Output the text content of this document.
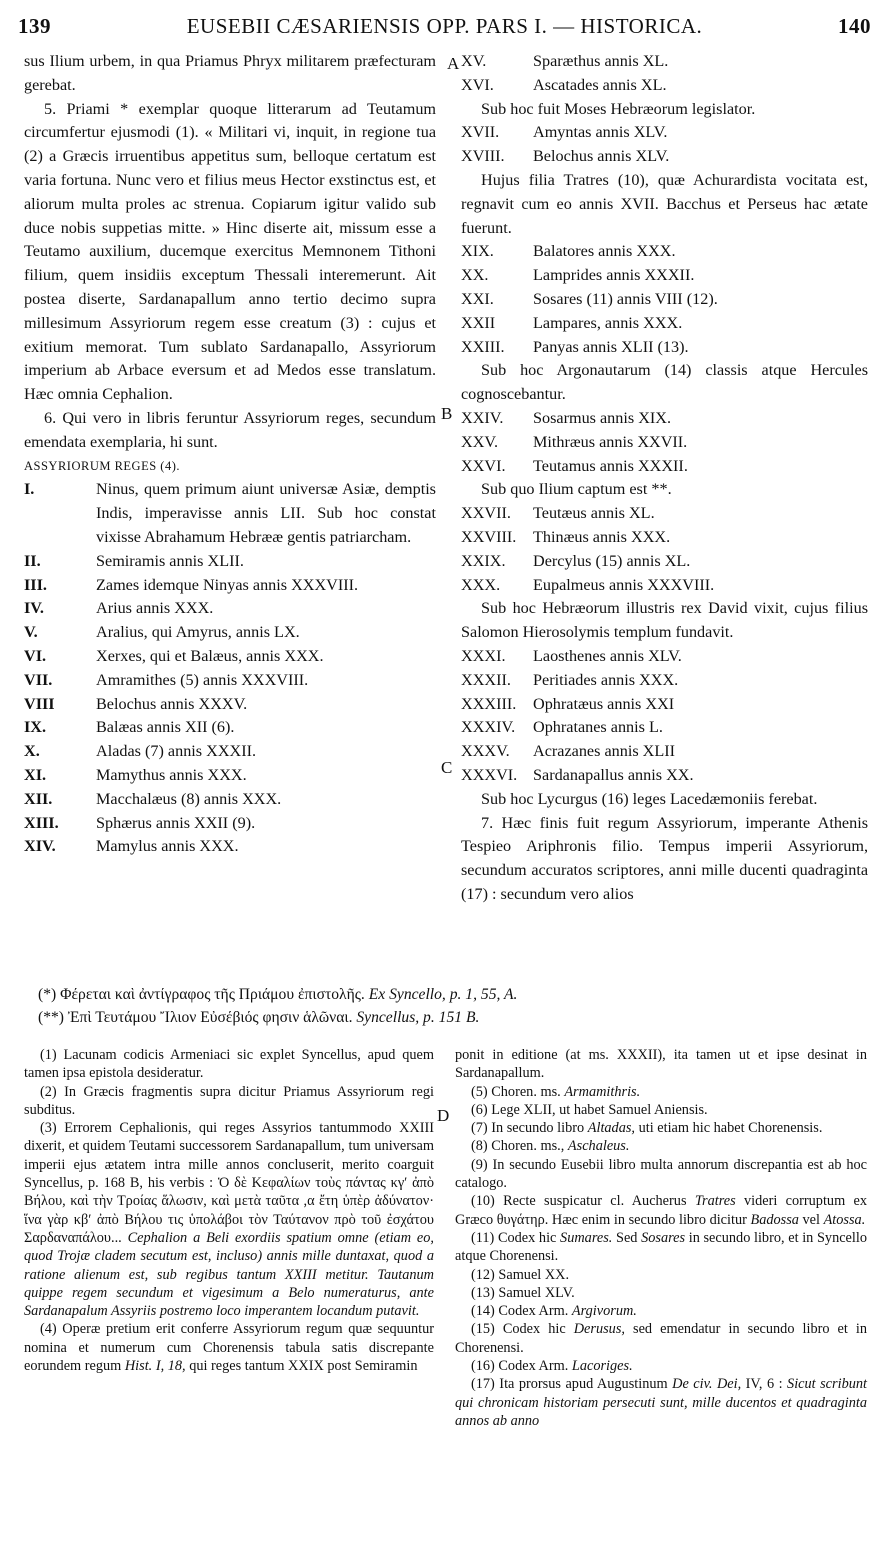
139	EUSEBII CÆSARIENSIS OPP. PARS I. — HISTORICA.	140
A
B
C
D

sus Ilium urbem, in qua Priamus Phryx militarem præfecturam gerebat.

5. Priami * exemplar quoque litterarum ad Teutamum circumfertur ejusmodi (1). « Militari vi, inquit, in regione tua (2) a Græcis irruentibus appetitus sum, belloque certatum est varia fortuna. Nunc vero et filius meus Hector exstinctus est, et aliorum multa proles ac strenua. Copiarum igitur valido sub duce nobis suppetias mitte. » Hinc diserte ait, missum esse a Teutamo auxilium, ducemque exercitus Memnonem Tithoni filium, quem insidiis exceptum Thessali interemerunt. Ait postea diserte, Sardanapallum anno tertio decimo supra millesimum Assyriorum regem esse creatum (3) : cujus et exitium memorat. Tum sublato Sardanapallo, Assyriorum imperium ab Arbace eversum et ad Medos esse translatum. Hæc omnia Cephalion.

6. Qui vero in libris feruntur Assyriorum reges, secundum emendata exemplaria, hi sunt.

ASSYRIORUM REGES (4).

I.	Ninus, quem primum aiunt universæ Asiæ, demptis Indis, imperavisse annis LII. Sub hoc constat vixisse Abrahamum Hebrææ gentis patriarcham.
II.	Semiramis annis XLII.
III.	Zames idemque Ninyas annis XXXVIII.
IV.	Arius annis XXX.
V.	Aralius, qui Amyrus, annis LX.
VI.	Xerxes, qui et Balæus, annis XXX.
VII.	Amramithes (5) annis XXXVIII.
VIII	Belochus annis XXXV.
IX.	Balæas annis XII (6).
X.	Aladas (7) annis XXXII.
XI.	Mamythus annis XXX.
XII.	Macchalæus (8) annis XXX.
XIII.	Sphærus annis XXII (9).
XIV.	Mamylus annis XXX.
XV.	Sparæthus annis XL.
XVI.	Ascatades annis XL.

Sub hoc fuit Moses Hebræorum legislator.

XVII.	Amyntas annis XLV.
XVIII.	Belochus annis XLV.

Hujus filia Tratres (10), quæ Achurardista vocitata est, regnavit cum eo annis XVII. Bacchus et Perseus hac ætate fuerunt.

XIX.	Balatores annis XXX.
XX.	Lamprides annis XXXII.
XXI.	Sosares (11) annis VIII (12).
XXII	Lampares, annis XXX.
XXIII.	Panyas annis XLII (13).

Sub hoc Argonautarum (14) classis atque Hercules cognoscebantur.

XXIV.	Sosarmus annis XIX.
XXV.	Mithræus annis XXVII.
XXVI.	Teutamus annis XXXII.

Sub quo Ilium captum est **.

XXVII.	Teutæus annis XL.
XXVIII.	Thinæus annis XXX.
XXIX.	Dercylus (15) annis XL.
XXX.	Eupalmeus annis XXXVIII.

Sub hoc Hebræorum illustris rex David vixit, cujus filius Salomon Hierosolymis templum fundavit.

XXXI.	Laosthenes annis XLV.
XXXII.	Peritiades annis XXX.
XXXIII.	Ophratæus annis XXI
XXXIV.	Ophratanes annis L.
XXXV.	Acrazanes annis XLII
XXXVI. Sardanapallus annis XX.

Sub hoc Lycurgus (16) leges Lacedæmoniis ferebat.

7. Hæc finis fuit regum Assyriorum, imperante Athenis Tespieo Ariphronis filio. Tempus imperii Assyriorum, secundum accuratos scriptores, anni mille ducenti quadraginta (17) : secundum vero alios

(*) Φέρεται καὶ ἀντίγραφος τῆς Πριάμου ἐπιστολῆς. Ex Syncello, p. 1, 55, A.

(**) Ἐπὶ Τευτάμου Ἴλιον Εὐσέβιός φησιν ἁλῶναι. Syncellus, p. 151 B.

(1) Lacunam codicis Armeniaci sic explet Syncellus, apud quem tamen ipsa epistola desideratur.

(2) In Græcis fragmentis supra dicitur Priamus Assyriorum regi subditus.

(3) Errorem Cephalionis, qui reges Assyrios tantummodo XXIII dixerit, et quidem Teutami successorem Sardanapallum, tum universam imperii ejus ætatem intra mille annos concluserit, merito coarguit Syncellus, p. 168 B, his verbis : Ὁ δὲ Κεφαλίων τοὺς πάντας κγʹ ἀπὸ Βήλου, καὶ τὴν Τροίας ἅλωσιν, καὶ μετὰ ταῦτα ,α ἔτη ὑπὲρ ἀδύνατον· ἵνα γὰρ κβʹ ἀπὸ Βήλου τις ὑπολάβοι τὸν Ταύτανον πρὸ τοῦ ἐσχάτου Σαρδαναπάλου... Cephalion a Beli exordiis spatium omne (etiam eo, quod Trojæ cladem secutum est, incluso) annis mille duntaxat, quod a ratione alienum est, sub regibus tantum XXIII metitur. Tautanum quippe regem secundum et vigesimum a Belo numeraturus, ante Sardanapalum Assyriis postremo loco imperantem locandum putavit.

(4) Operæ pretium erit conferre Assyriorum regum quæ sequuntur nomina et numerum cum Chorenensis tabula satis discrepante eorundem regum Hist. I, 18, qui reges tantum XXIX post Semiramin

ponit in editione (at ms. XXXII), ita tamen ut et ipse desinat in Sardanapallum.

(5) Choren. ms. Armamithris.

(6) Lege XLII, ut habet Samuel Aniensis.

(7) In secundo libro Altadas, uti etiam hic habet Chorenensis.

(8) Choren. ms., Aschaleus.

(9) In secundo Eusebii libro multa annorum discrepantia est ab hoc catalogo.

(10) Recte suspicatur cl. Aucherus Tratres videri corruptum ex Græco θυγάτηρ. Hæc enim in secundo libro dicitur Badossa vel Atossa.

(11) Codex hic Sumares. Sed Sosares in secundo libro, et in Syncello atque Chorenensi.

(12) Samuel XX.

(13) Samuel XLV.

(14) Codex Arm. Argivorum.

(15) Codex hic Derusus, sed emendatur in secundo libro et in Chorenensi.

(16) Codex Arm. Lacoriges.

(17) Ita prorsus apud Augustinum De civ. Dei, IV, 6 : Sicut scribunt qui chronicam historiam persecuti sunt, mille ducentos et quadraginta annos ab anno
